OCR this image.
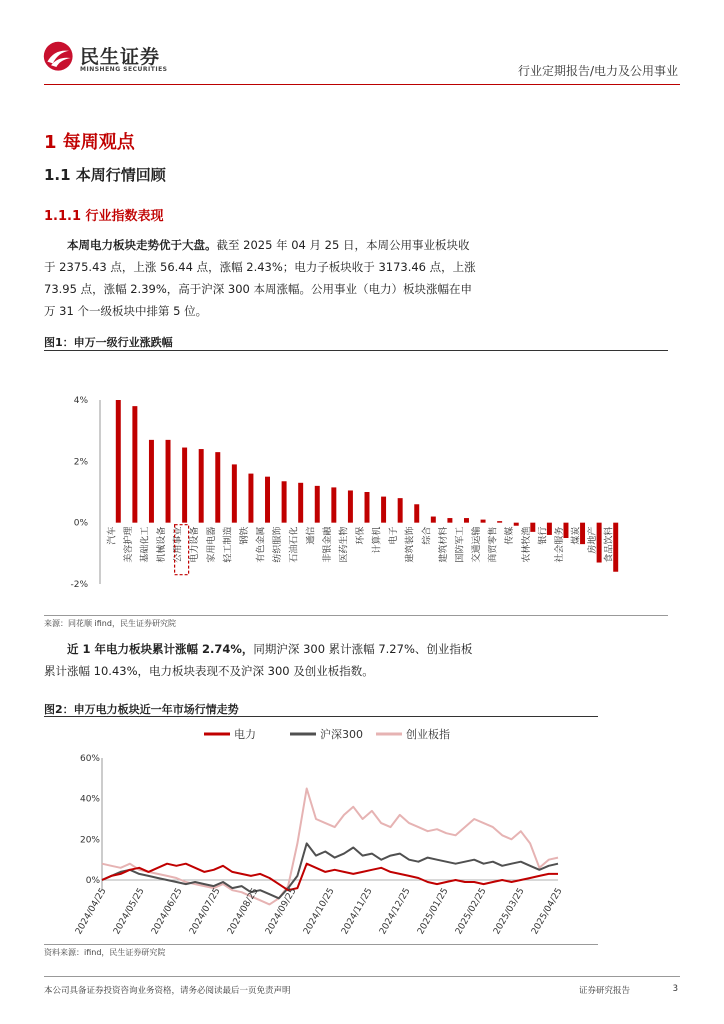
民生证券
MINSHENG SECURITIES	行业定期报告/电力及公用事业
1 每周观点
1.1 本周行情回顾
1.1.1 行业指数表现
本周电力板块走势优于大盘。截至 2025 年 04 月 25 日，本周公用事业板块收于 2375.43 点，上涨 56.44 点，涨幅 2.43%；电力子板块收于 3173.46 点，上涨 73.95 点，涨幅 2.39%，高于沪深 300 本周涨幅。公用事业（电力）板块涨幅在申万 31 个一级板块中排第 5 位。
图1：申万一级行业涨跌幅
4%
2%
0%
-2%
汽车 美容护理 基础化工 机械设备 公用事业 电力设备 家用电器 轻工制造 钢铁 有色金属 纺织服饰 石油石化 通信 非银金融 医药生物 环保 计算机 电子 建筑装饰 综合 建筑材料 国防军工 交通运输 商贸零售 传媒 农林牧渔 银行 社会服务 煤炭 房地产 食品饮料
来源：同花顺 ifind，民生证券研究院
近 1 年电力板块累计涨幅 2.74%，同期沪深 300 累计涨幅 7.27%、创业指板累计涨幅 10.43%，电力板块表现不及沪深 300 及创业板指数。
图2：申万电力板块近一年市场行情走势
电力	沪深300	创业板指
60%
40%
20%
0%
2024/04/25 2024/05/25 2024/06/25 2024/07/25 2024/08/25 2024/09/25 2024/10/25 2024/11/25 2024/12/25 2025/01/25 2025/02/25 2025/03/25 2025/04/25
资料来源：ifind，民生证券研究院
本公司具备证券投资咨询业务资格，请务必阅读最后一页免责声明	证券研究报告	3
